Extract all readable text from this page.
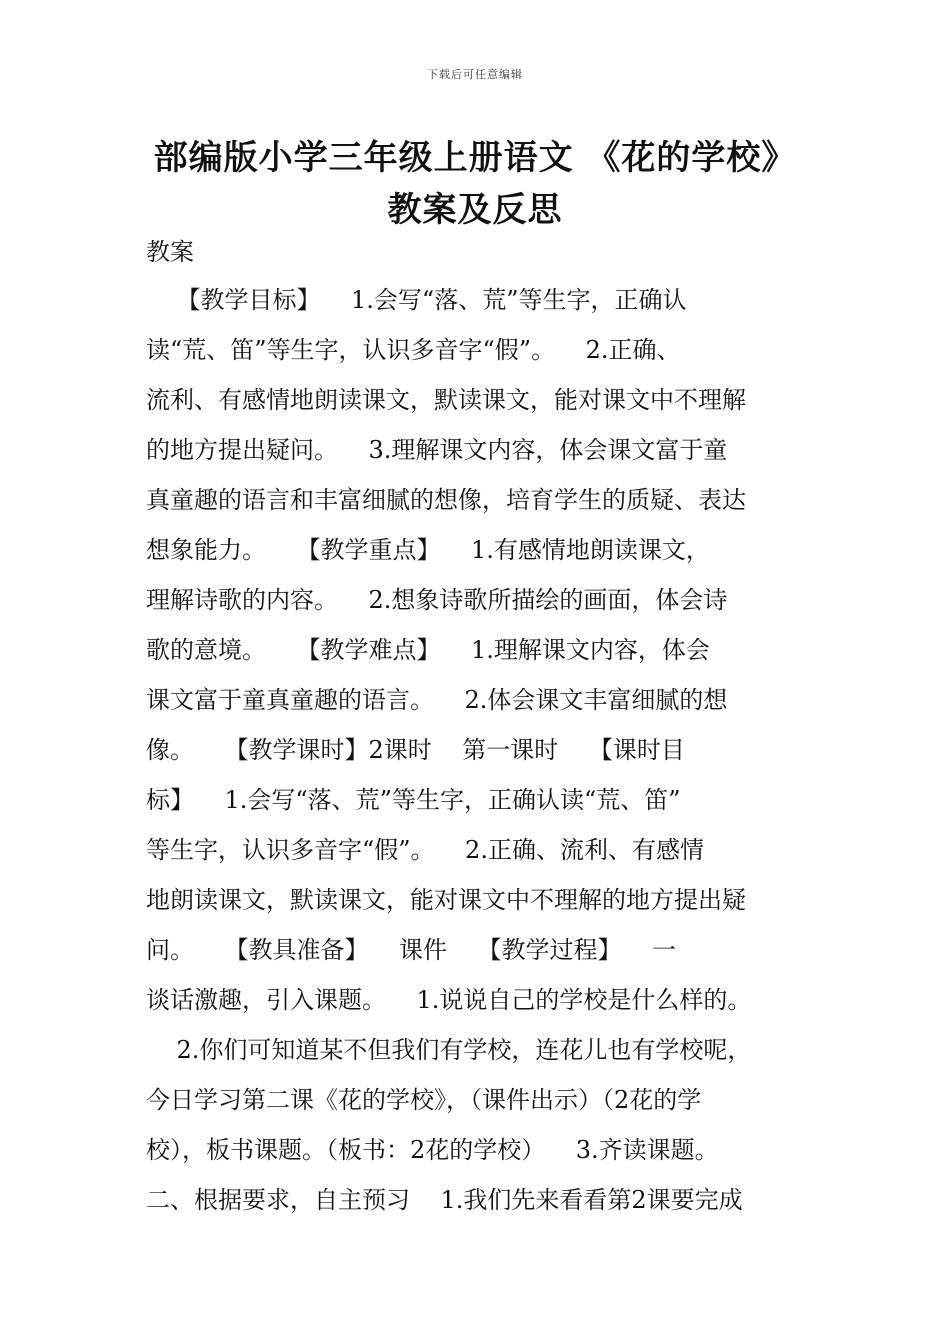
下载后可任意编辑
部编版小学三年级上册语文 《花的学校》
教案及反思
教案
【教学目标】    1.会写“落、荒”等生字，正确认
读“荒、笛”等生字，认识多音字“假”。    2.正确、
流利、有感情地朗读课文，默读课文，能对课文中不理解
的地方提出疑问。    3.理解课文内容，体会课文富于童
真童趣的语言和丰富细腻的想像，培育学生的质疑、表达
想象能力。    【教学重点】    1.有感情地朗读课文，
理解诗歌的内容。    2.想象诗歌所描绘的画面，体会诗
歌的意境。    【教学难点】    1.理解课文内容，体会
课文富于童真童趣的语言。    2.体会课文丰富细腻的想
像。    【教学课时】2课时    第一课时    【课时目
标】    1.会写“落、荒”等生字，正确认读“荒、笛”
等生字，认识多音字“假”。    2.正确、流利、有感情
地朗读课文，默读课文，能对课文中不理解的地方提出疑
问。    【教具准备】    课件    【教学过程】    一
谈话激趣，引入课题。    1.说说自己的学校是什么样的。
2.你们可知道某不但我们有学校，连花儿也有学校呢，
今日学习第二课《花的学校》，（课件出示）（2花的学
校），板书课题。（板书：2花的学校）    3.齐读课题。
二、根据要求，自主预习    1.我们先来看看第2课要完成
